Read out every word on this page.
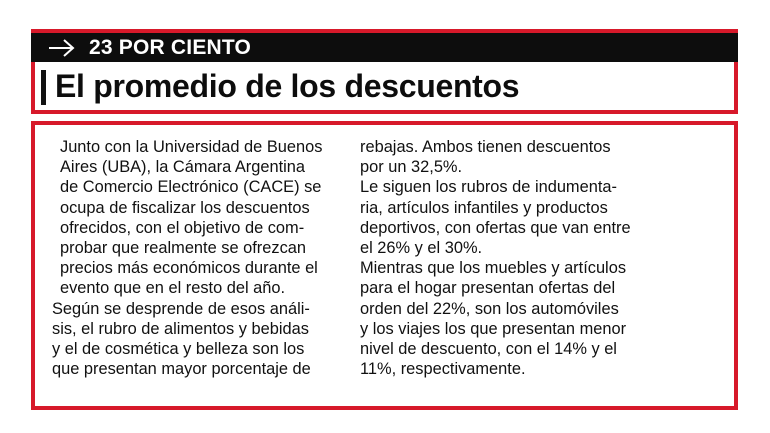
23 POR CIENTO
El promedio de los descuentos
Junto con la Universidad de Buenos
Aires (UBA), la Cámara Argentina
de Comercio Electrónico (CACE) se
ocupa de fiscalizar los descuentos
ofrecidos, con el objetivo de com-
probar que realmente se ofrezcan
precios más económicos durante el
evento que en el resto del año.
Según se desprende de esos análi-
sis, el rubro de alimentos y bebidas
y el de cosmética y belleza son los
que presentan mayor porcentaje de
rebajas. Ambos tienen descuentos
por un 32,5%.
Le siguen los rubros de indumenta-
ria, artículos infantiles y productos
deportivos, con ofertas que van entre
el 26% y el 30%.
Mientras que los muebles y artículos
para el hogar presentan ofertas del
orden del 22%, son los automóviles
y los viajes los que presentan menor
nivel de descuento, con el 14% y el
11%, respectivamente.
